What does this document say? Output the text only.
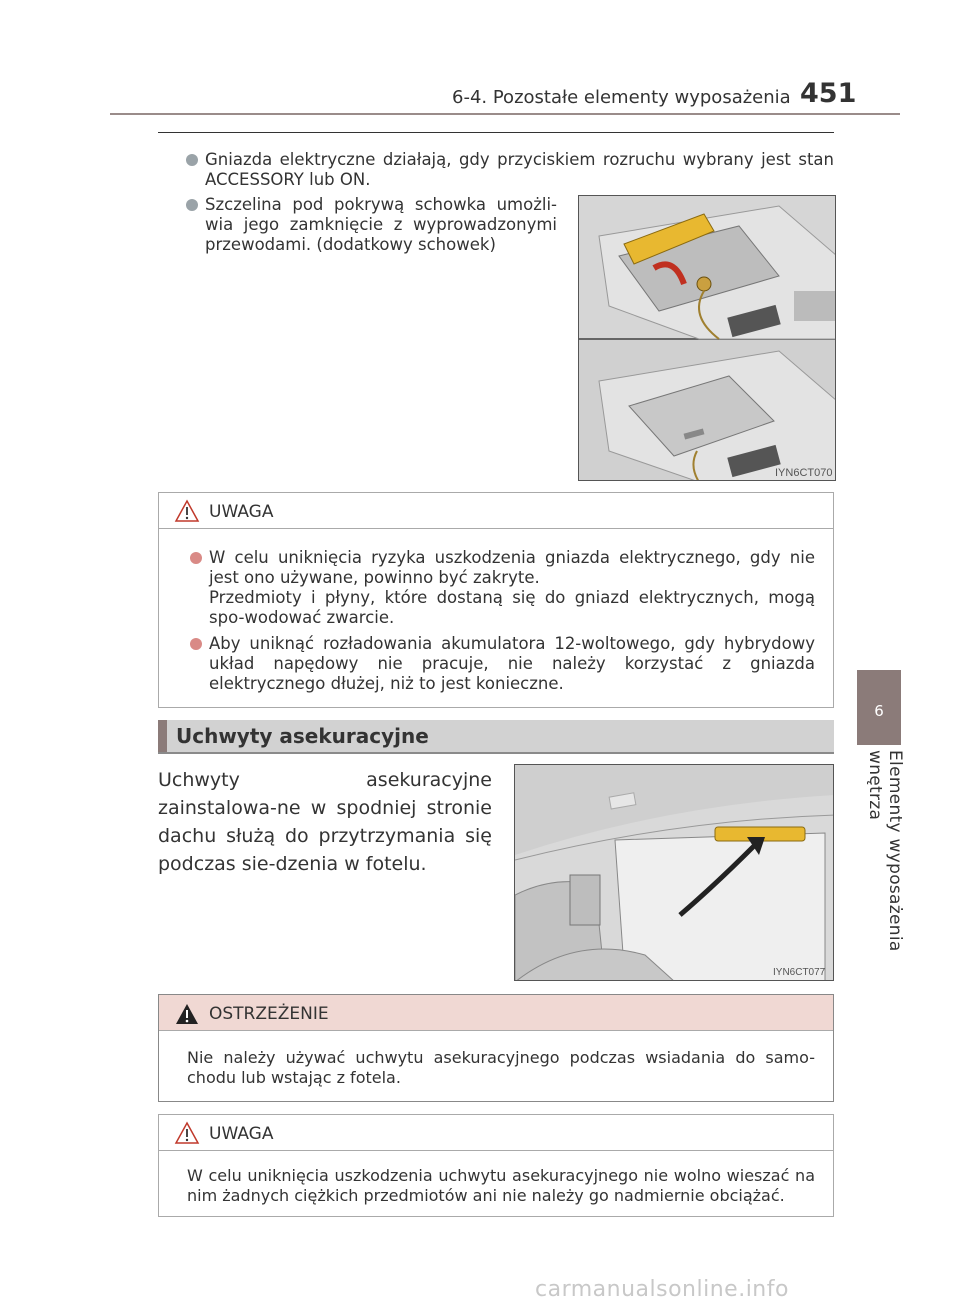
6-4. Pozostałe elementy wyposażenia 451
6
Elementy wyposażenia wnętrza
Gniazda elektryczne działają, gdy przyciskiem rozruchu wybrany jest stan ACCESSORY lub ON.
Szczelina pod pokrywą schowka umożli-wia jego zamknięcie z wyprowadzonymi przewodami. (dodatkowy schowek)
IYN6CT070
UWAGA
W celu uniknięcia ryzyka uszkodzenia gniazda elektrycznego, gdy nie jest ono używane, powinno być zakryte.
Przedmioty i płyny, które dostaną się do gniazd elektrycznych, mogą spo-wodować zwarcie.
Aby uniknąć rozładowania akumulatora 12-woltowego, gdy hybrydowy układ napędowy nie pracuje, nie należy korzystać z gniazda elektrycznego dłużej, niż to jest konieczne.
Uchwyty asekuracyjne
Uchwyty asekuracyjne zainstalowa-ne w spodniej stronie dachu służą do przytrzymania się podczas sie-dzenia w fotelu.
IYN6CT077
OSTRZEŻENIE
Nie należy używać uchwytu asekuracyjnego podczas wsiadania do samo-chodu lub wstając z fotela.
UWAGA
W celu uniknięcia uszkodzenia uchwytu asekuracyjnego nie wolno wieszać na nim żadnych ciężkich przedmiotów ani nie należy go nadmiernie obciążać.
carmanualsonline.info
